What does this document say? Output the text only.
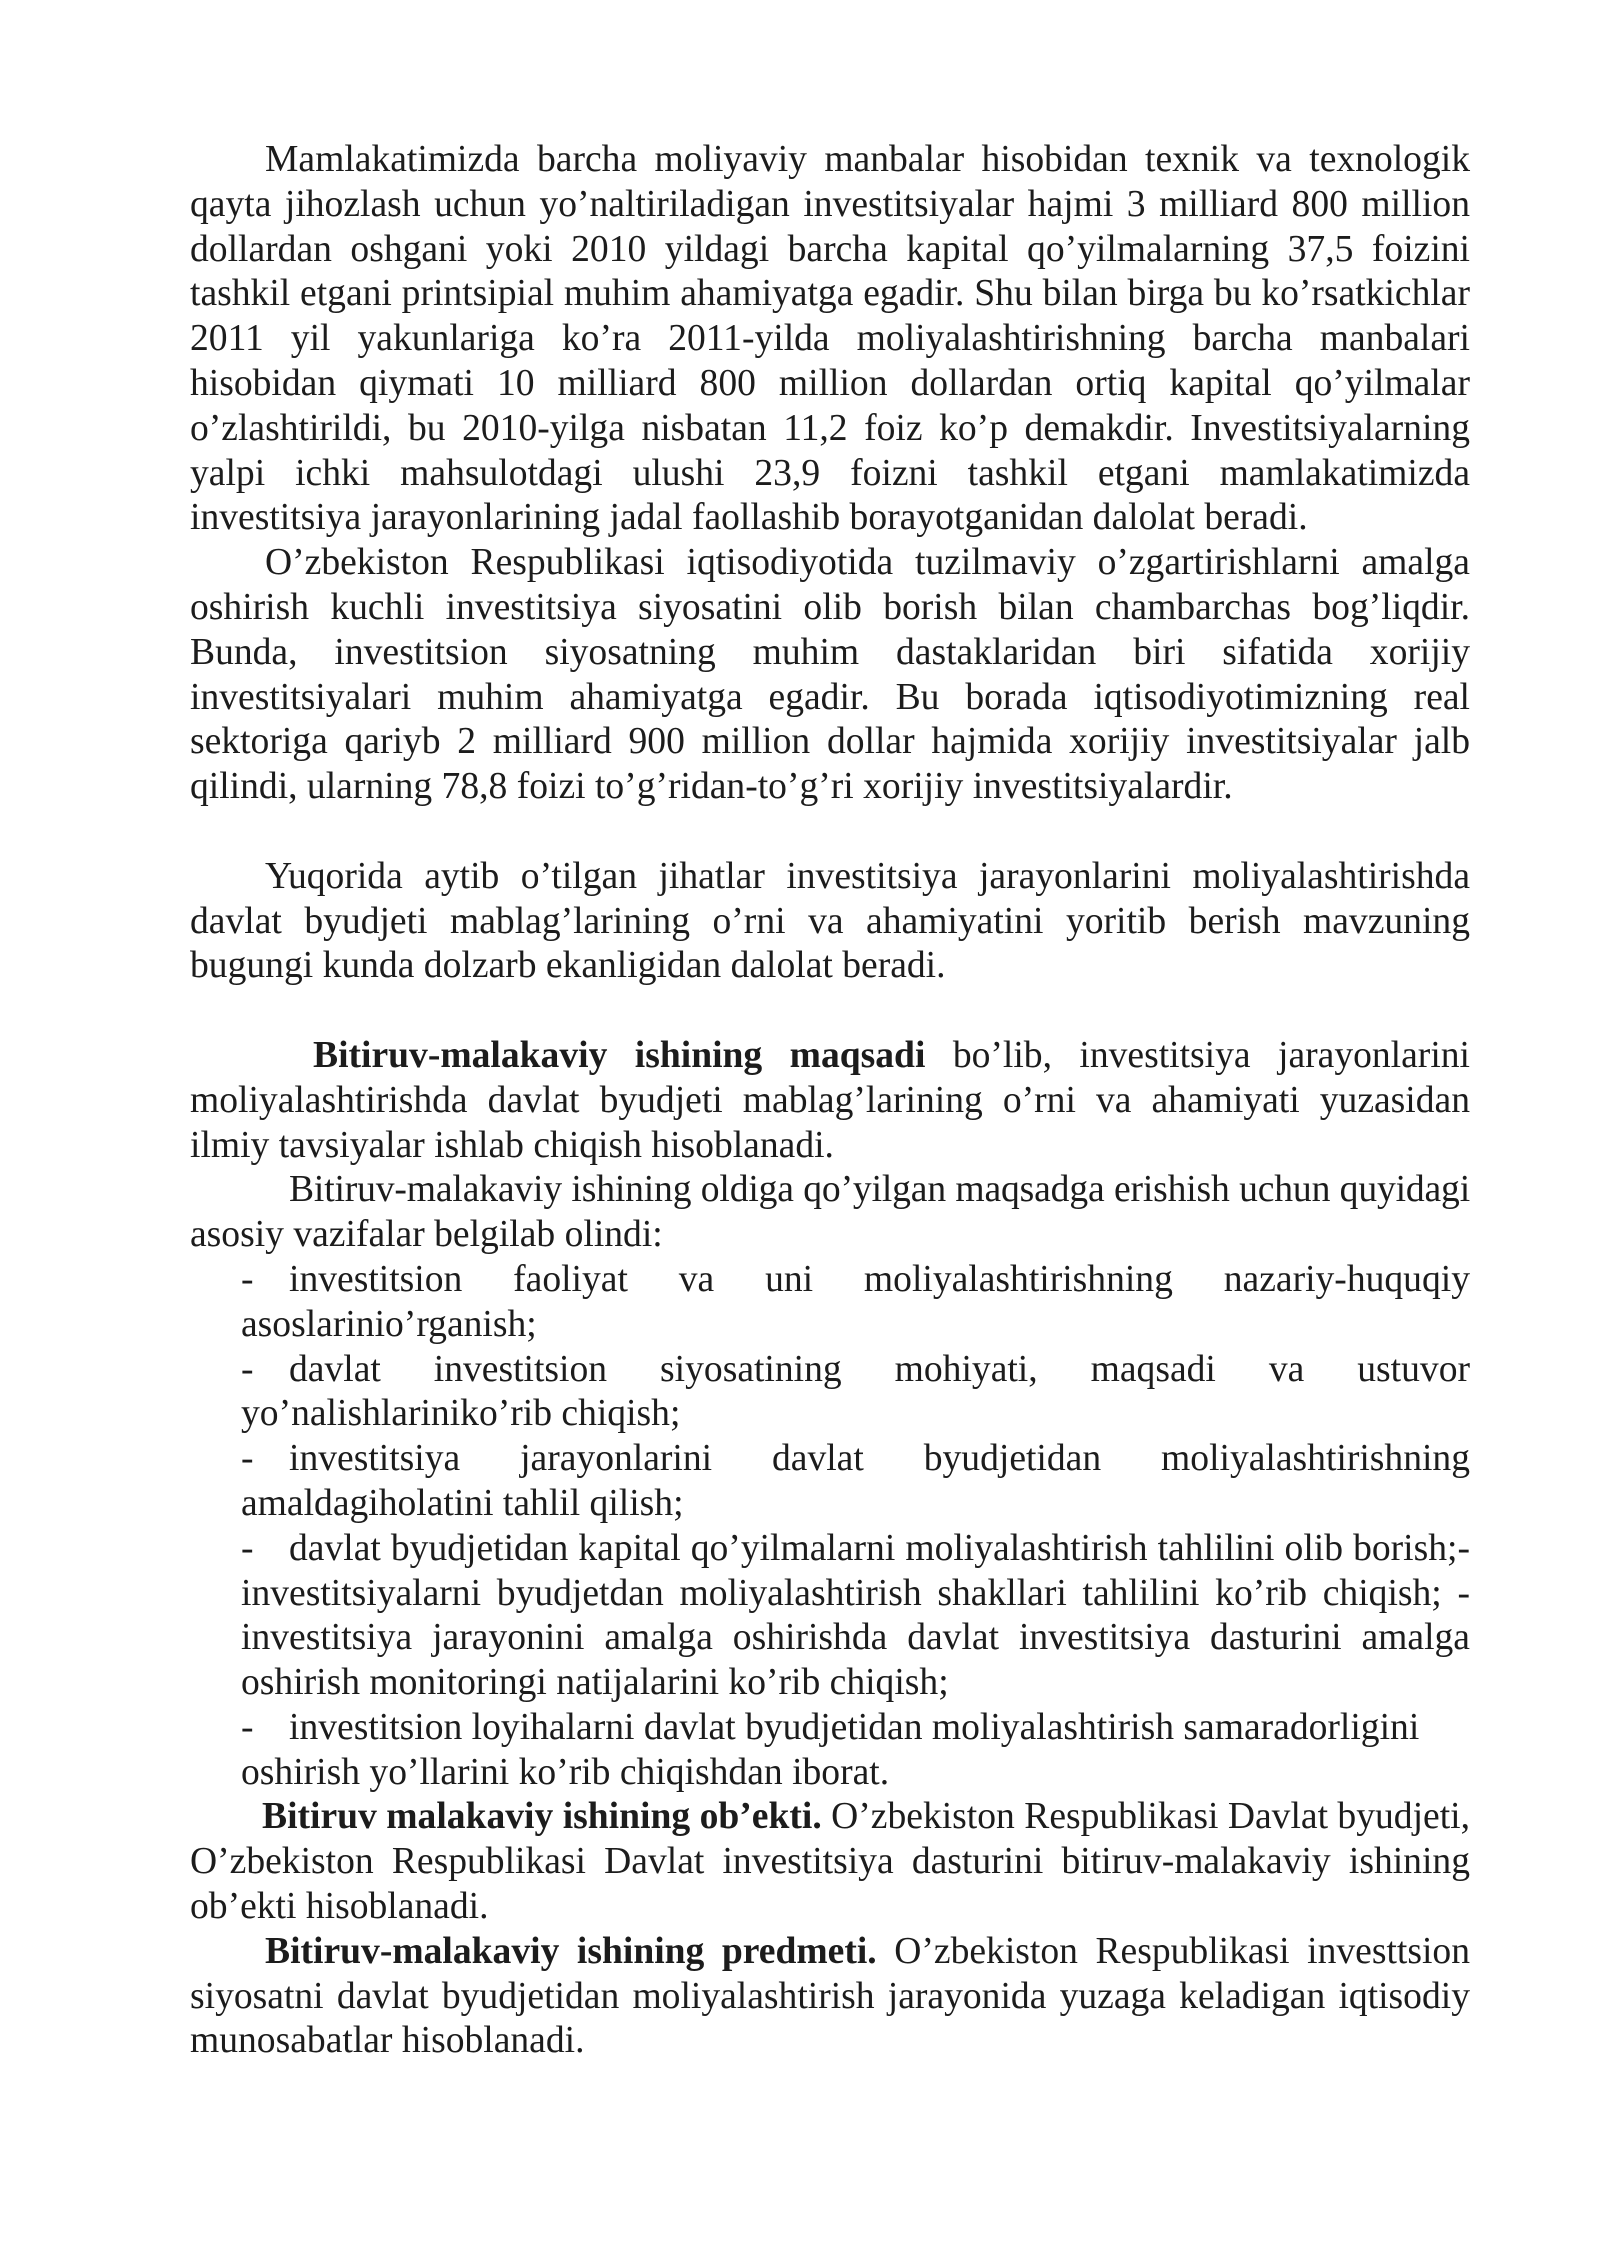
Mamlakatimizda barcha moliyaviy manbalar hisobidan texnik va texnologik
qayta jihozlash uchun yo’naltiriladigan investitsiyalar hajmi 3 milliard 800 million
dollardan oshgani yoki 2010 yildagi barcha kapital qo’yilmalarning 37,5 foizini
tashkil etgani printsipial muhim ahamiyatga egadir. Shu bilan birga bu ko’rsatkichlar
2011 yil yakunlariga ko’ra 2011-yilda moliyalashtirishning barcha manbalari
hisobidan qiymati 10 milliard 800 million dollardan ortiq kapital qo’yilmalar
o’zlashtirildi, bu 2010-yilga nisbatan 11,2 foiz ko’p demakdir. Investitsiyalarning
yalpi ichki mahsulotdagi ulushi 23,9 foizni tashkil etgani mamlakatimizda
investitsiya jarayonlarining jadal faollashib borayotganidan dalolat beradi.
O’zbekiston Respublikasi iqtisodiyotida tuzilmaviy o’zgartirishlarni amalga
oshirish kuchli investitsiya siyosatini olib borish bilan chambarchas bog’liqdir.
Bunda, investitsion siyosatning muhim dastaklaridan biri sifatida xorijiy
investitsiyalari muhim ahamiyatga egadir. Bu borada iqtisodiyotimizning real
sektoriga qariyb 2 milliard 900 million dollar hajmida xorijiy investitsiyalar jalb
qilindi, ularning 78,8 foizi to’g’ridan-to’g’ri xorijiy investitsiyalardir.
Yuqorida aytib o’tilgan jihatlar investitsiya jarayonlarini moliyalashtirishda
davlat byudjeti mablag’larining o’rni va ahamiyatini yoritib berish mavzuning
bugungi kunda dolzarb ekanligidan dalolat beradi.
Bitiruv-malakaviy ishining maqsadi bo’lib, investitsiya jarayonlarini
moliyalashtirishda davlat byudjeti mablag’larining o’rni va ahamiyati yuzasidan
ilmiy tavsiyalar ishlab chiqish hisoblanadi.
Bitiruv-malakaviy ishining oldiga qo’yilgan maqsadga erishish uchun quyidagi
asosiy vazifalar belgilab olindi:
- investitsion faoliyat va uni moliyalashtirishning nazariy-huquqiy
asoslarinio’rganish;
- davlat investitsion siyosatining mohiyati, maqsadi va ustuvor
yo’nalishlariniko’rib chiqish;
- investitsiya jarayonlarini davlat byudjetidan moliyalashtirishning
amaldagiholatini tahlil qilish;
- davlat byudjetidan kapital qo’yilmalarni moliyalashtirish tahlilini olib borish;-
investitsiyalarni byudjetdan moliyalashtirish shakllari tahlilini ko’rib chiqish; -
investitsiya jarayonini amalga oshirishda davlat investitsiya dasturini amalga
oshirish monitoringi natijalarini ko’rib chiqish;
- investitsion loyihalarni davlat byudjetidan moliyalashtirish samaradorligini
oshirish yo’llarini ko’rib chiqishdan iborat.
Bitiruv malakaviy ishining ob’ekti. O’zbekiston Respublikasi Davlat byudjeti,
O’zbekiston Respublikasi Davlat investitsiya dasturini bitiruv-malakaviy ishining
ob’ekti hisoblanadi.
Bitiruv-malakaviy ishining predmeti. O’zbekiston Respublikasi investtsion
siyosatni davlat byudjetidan moliyalashtirish jarayonida yuzaga keladigan iqtisodiy
munosabatlar hisoblanadi.
